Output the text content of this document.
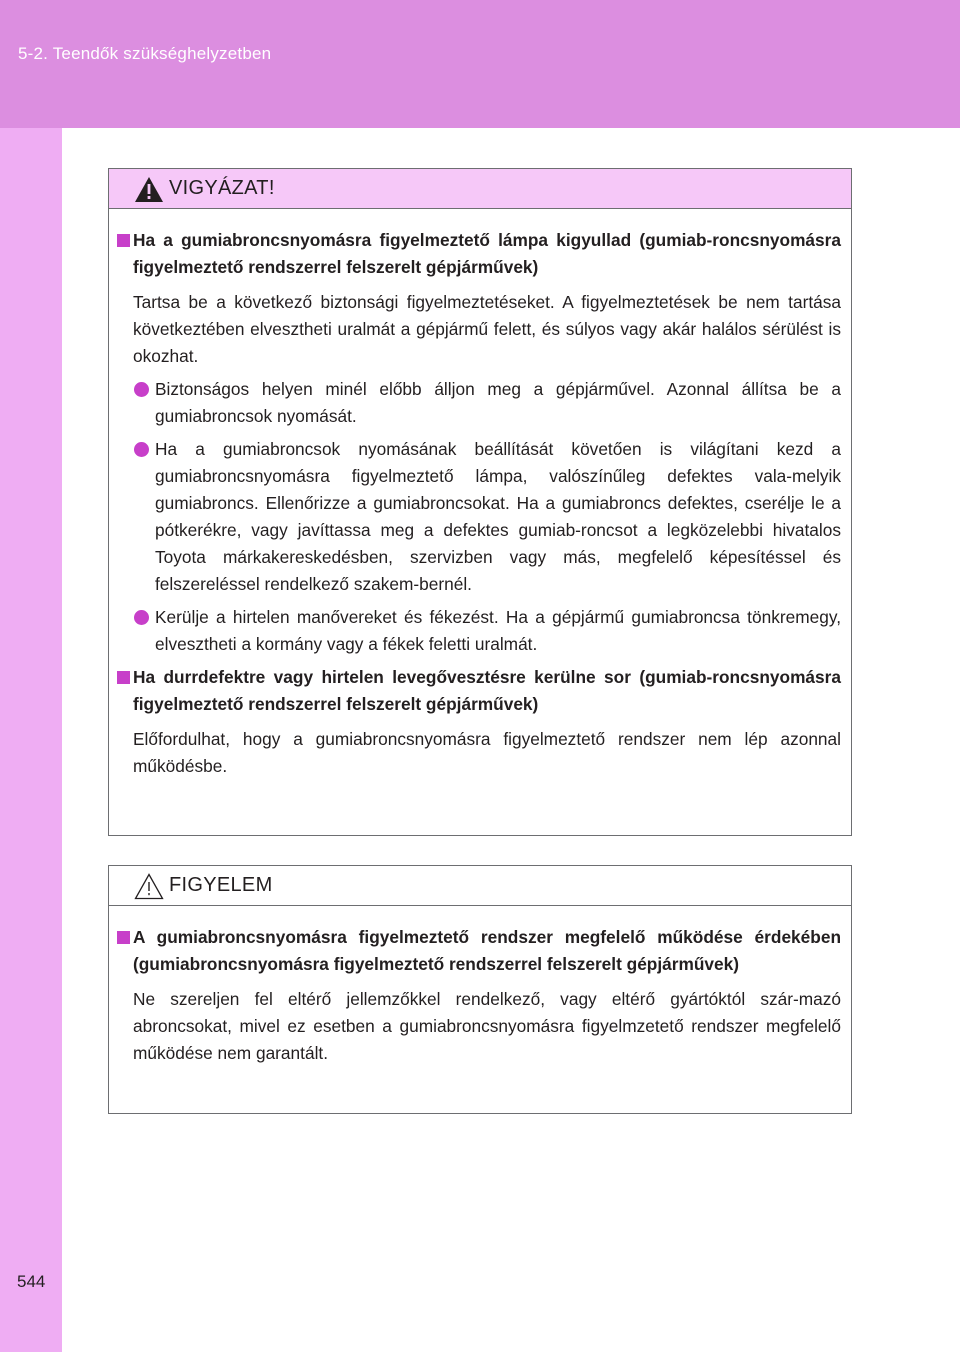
5-2. Teendők szükséghelyzetben
VIGYÁZAT!
Ha a gumiabroncsnyomásra figyelmeztető lámpa kigyullad (gumiab-roncsnyomásra figyelmeztető rendszerrel felszerelt gépjárművek)
Tartsa be a következő biztonsági figyelmeztetéseket. A figyelmeztetések be nem tartása következtében elvesztheti uralmát a gépjármű felett, és súlyos vagy akár halálos sérülést is okozhat.
Biztonságos helyen minél előbb álljon meg a gépjárművel. Azonnal állítsa be a gumiabroncsok nyomását.
Ha a gumiabroncsok nyomásának beállítását követően is világítani kezd a gumiabroncsnyomásra figyelmeztető lámpa, valószínűleg defektes vala-melyik gumiabroncs. Ellenőrizze a gumiabroncsokat. Ha a gumiabroncs defektes, cserélje le a pótkerékre, vagy javíttassa meg a defektes gumiab-roncsot a legközelebbi hivatalos Toyota márkakereskedésben, szervizben vagy más, megfelelő képesítéssel és felszereléssel rendelkező szakem-bernél.
Kerülje a hirtelen manővereket és fékezést. Ha a gépjármű gumiabroncsa tönkremegy, elvesztheti a kormány vagy a fékek feletti uralmát.
Ha durrdefektre vagy hirtelen levegővesztésre kerülne sor (gumiab-roncsnyomásra figyelmeztető rendszerrel felszerelt gépjárművek)
Előfordulhat, hogy a gumiabroncsnyomásra figyelmeztető rendszer nem lép azonnal működésbe.
FIGYELEM
A gumiabroncsnyomásra figyelmeztető rendszer megfelelő működése érdekében (gumiabroncsnyomásra figyelmeztető rendszerrel felszerelt gépjárművek)
Ne szereljen fel eltérő jellemzőkkel rendelkező, vagy eltérő gyártóktól szár-mazó abroncsokat, mivel ez esetben a gumiabroncsnyomásra figyelmzetető rendszer megfelelő működése nem garantált.
544
